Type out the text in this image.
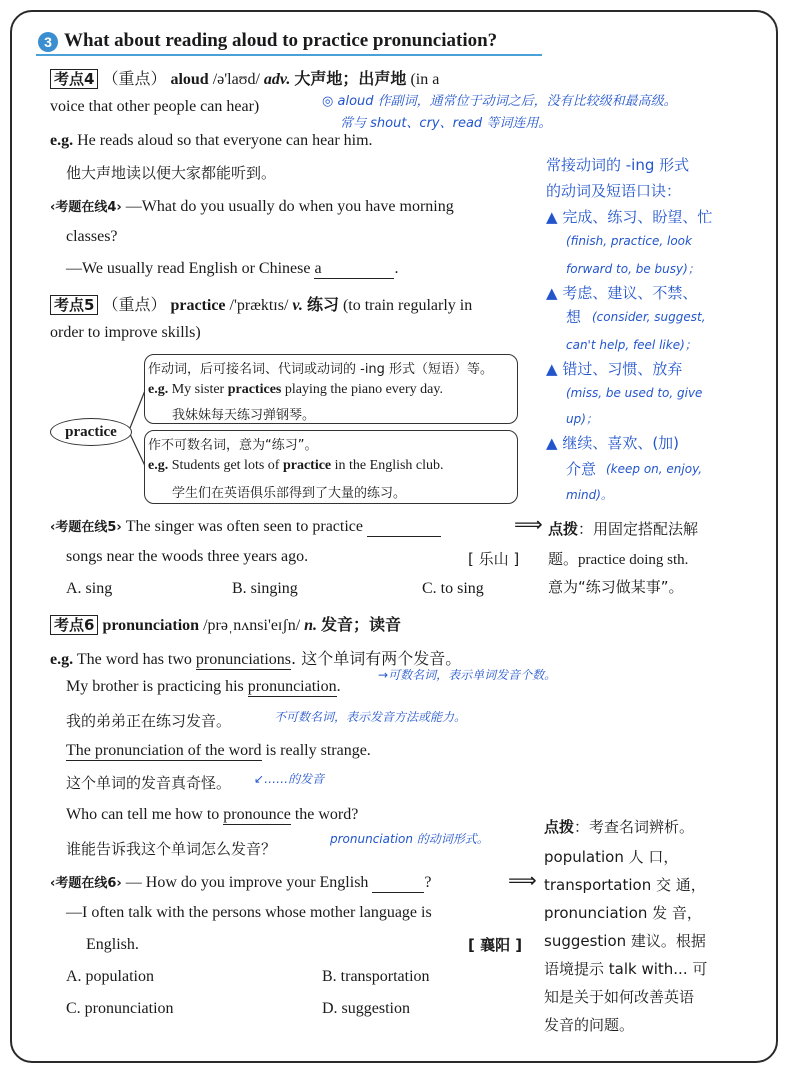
3 What about reading aloud to practice pronunciation?
考点4 （重点） aloud /ə'laʊd/ adv. 大声地；出声地 (in a
voice that other people can hear)	◎ aloud 作副词，通常位于动词之后，没有比较级和最高级。
常与 shout、cry、read 等词连用。
e.g. He reads aloud so that everyone can hear him.
他大声地读以便大家都能听到。
‹考题在线4› —What do you usually do when you have morning
classes?
—We usually read English or Chinese a	.
常接动词的 -ing 形式
的动词及短语口诀：
▲ 完成、练习、盼望、忙
(finish, practice, look
forward to, be busy)；
▲ 考虑、建议、不禁、
想 (consider, suggest,
can't help, feel like)；
▲ 错过、习惯、放弃
(miss, be used to, give
up)；
▲ 继续、喜欢、(加)
介意 (keep on, enjoy,
mind)。
考点5 （重点） practice /'præktɪs/ v. 练习 (to train regularly in
order to improve skills)
practice
作动词，后可接名词、代词或动词的 -ing 形式（短语）等。
e.g. My sister practices playing the piano every day.
我妹妹每天练习弹钢琴。
作不可数名词，意为“练习”。
e.g. Students get lots of practice in the English club.
学生们在英语俱乐部得到了大量的练习。
‹考题在线5› The singer was often seen to practice	⟹
songs near the woods three years ago.	[ 乐山 ]
A. sing	B. singing	C. to sing
点拨：用固定搭配法解
题。practice doing sth.
意为“练习做某事”。
考点6 pronunciation /prəˌnʌnsi'eɪʃn/ n. 发音；读音
e.g. The word has two pronunciations. 这个单词有两个发音。
→可数名词，表示单词发音个数。
My brother is practicing his pronunciation.
我的弟弟正在练习发音。	不可数名词，表示发音方法或能力。
The pronunciation of the word is really strange.
这个单词的发音真奇怪。 ↙……的发音
Who can tell me how to pronounce the word?
谁能告诉我这个单词怎么发音？
pronunciation 的动词形式。
‹考题在线6› — How do you improve your English	?	⟹
—I often talk with the persons whose mother language is
English.	[ 襄阳 ]
A. population	B. transportation
C. pronunciation	D. suggestion
点拨：考查名词辨析。
population 人 口，
transportation 交 通，
pronunciation 发 音，
suggestion 建议。根据
语境提示 talk with... 可
知是关于如何改善英语
发音的问题。
